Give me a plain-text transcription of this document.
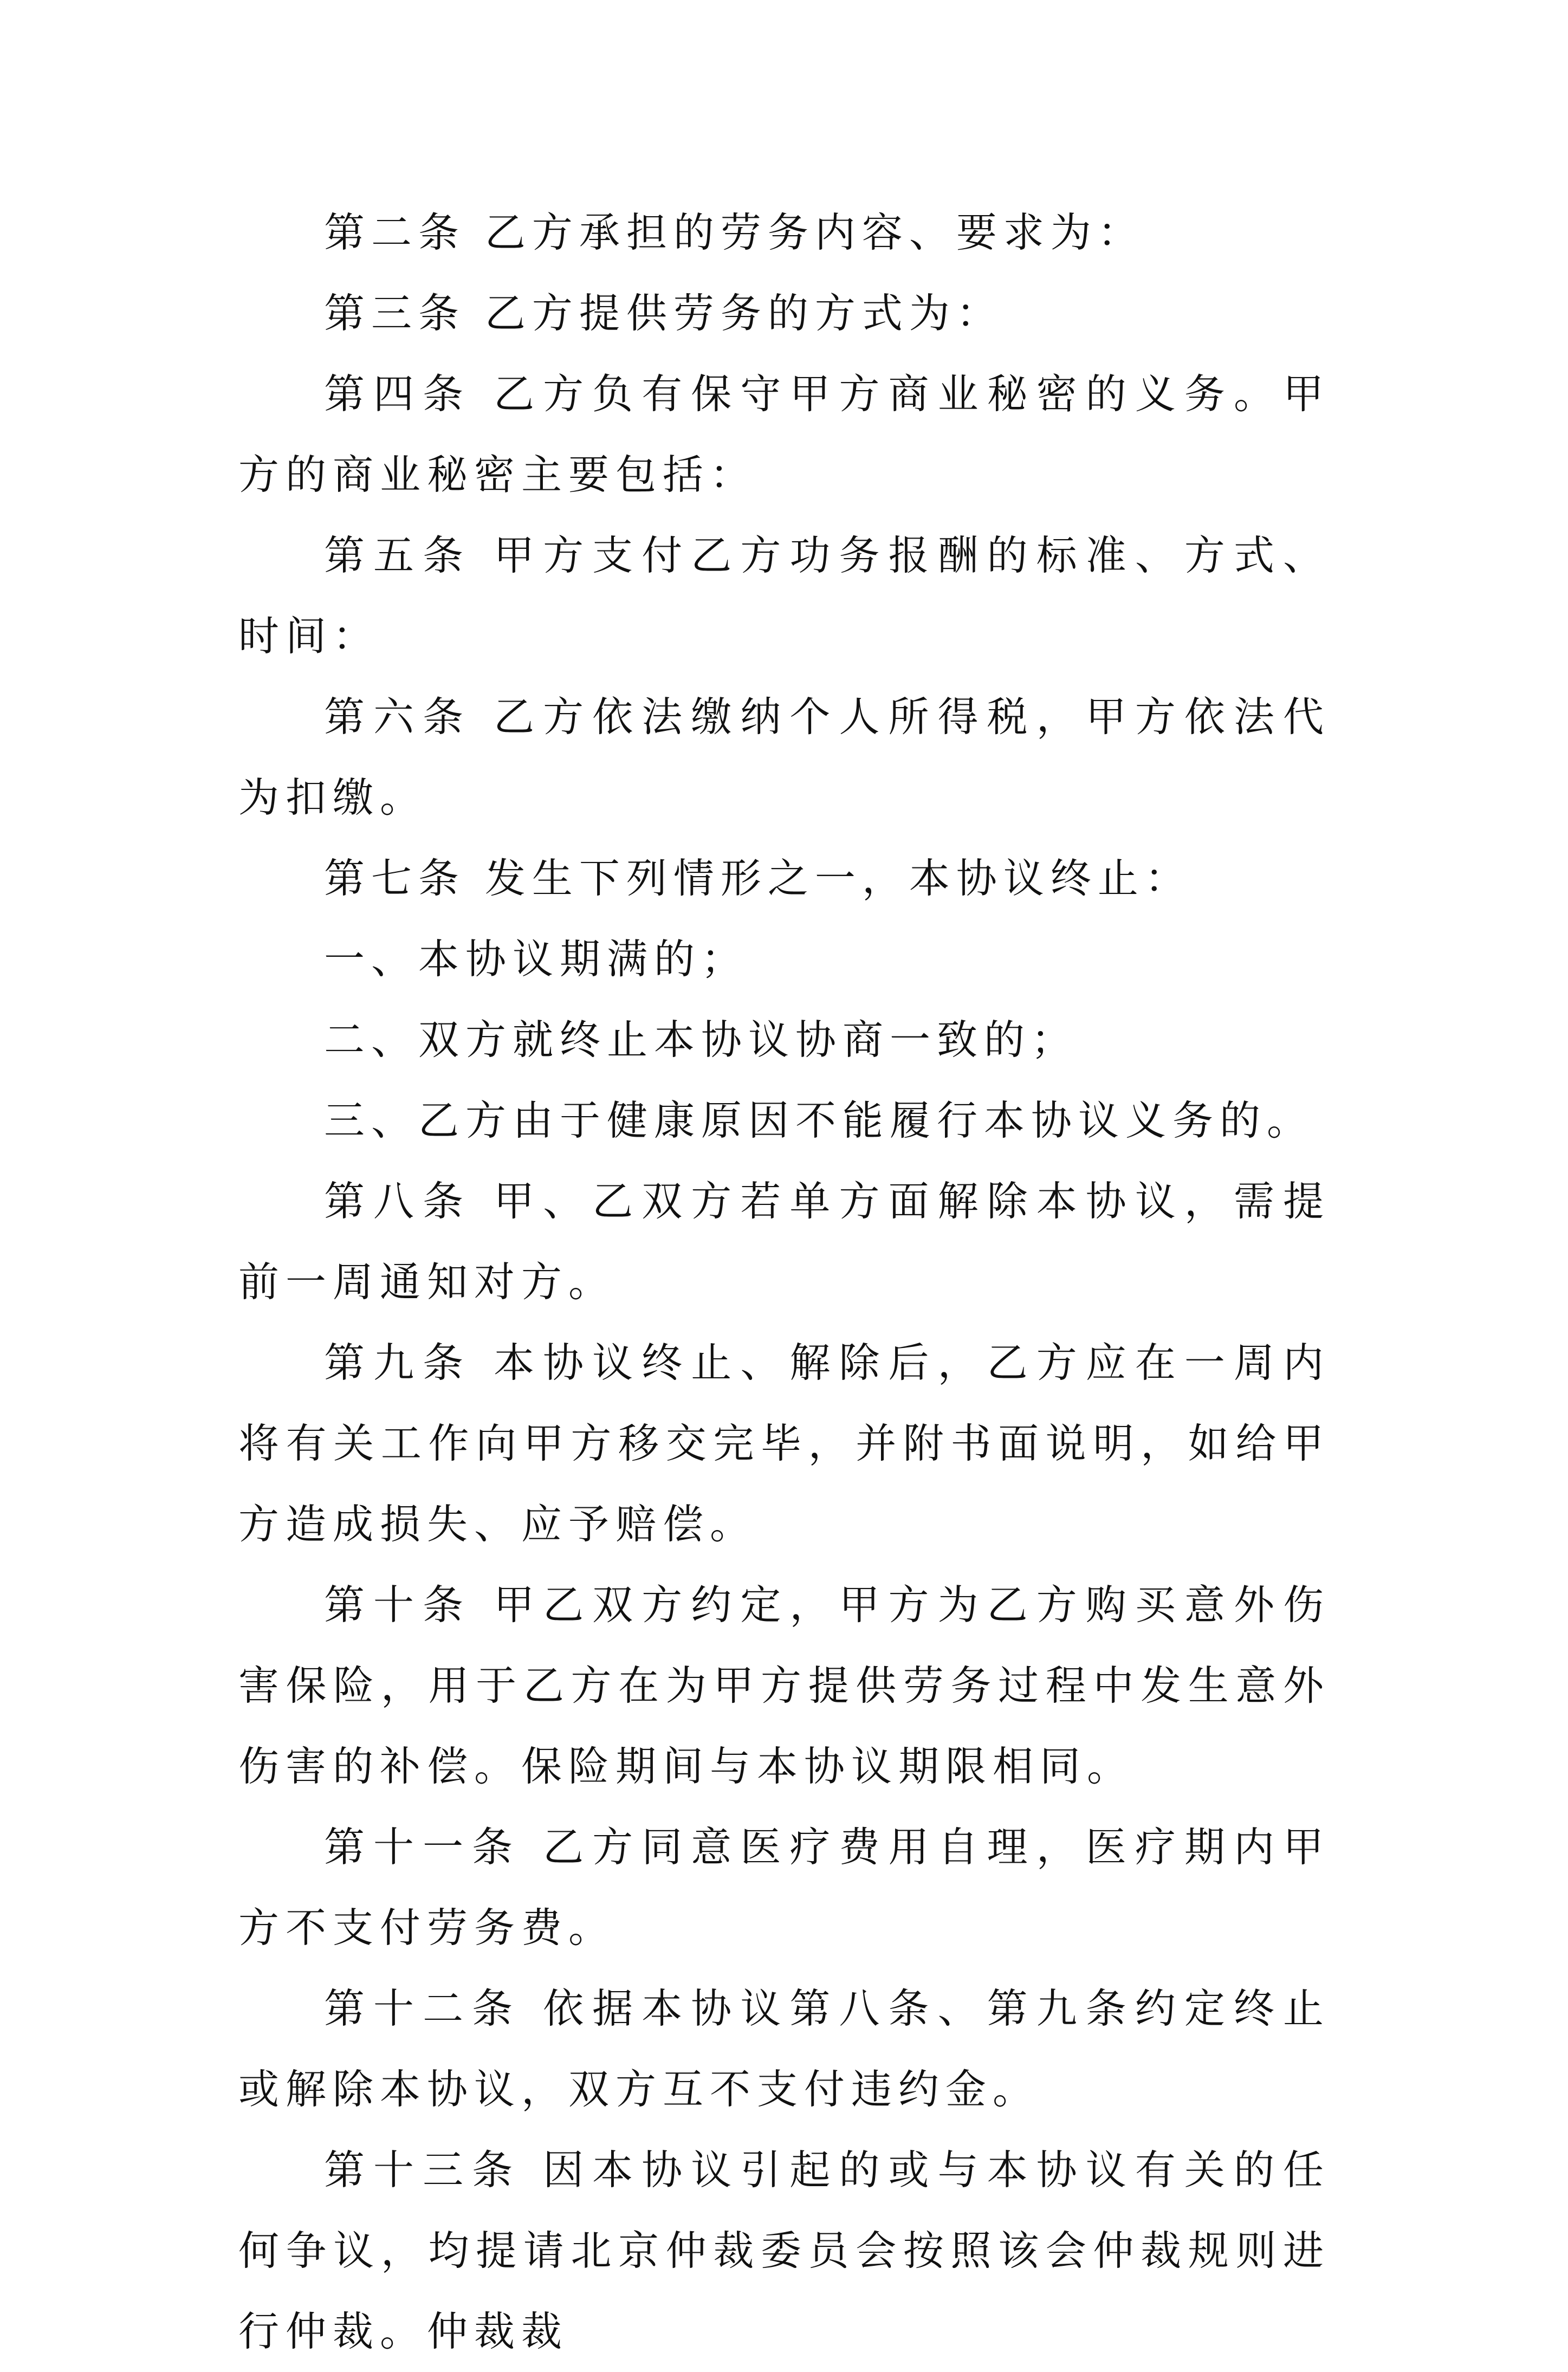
第二条 乙方承担的劳务内容、要求为：

第三条 乙方提供劳务的方式为：

第四条 乙方负有保守甲方商业秘密的义务。甲方的商业秘密主要包括：

第五条 甲方支付乙方功务报酬的标准、方式、时间：

第六条 乙方依法缴纳个人所得税，甲方依法代为扣缴。

第七条 发生下列情形之一，本协议终止：

一、本协议期满的；

二、双方就终止本协议协商一致的；

三、乙方由于健康原因不能履行本协议义务的。

第八条 甲、乙双方若单方面解除本协议，需提前一周通知对方。

第九条 本协议终止、解除后，乙方应在一周内将有关工作向甲方移交完毕，并附书面说明，如给甲方造成损失、应予赔偿。

第十条 甲乙双方约定，甲方为乙方购买意外伤害保险，用于乙方在为甲方提供劳务过程中发生意外伤害的补偿。保险期间与本协议期限相同。

第十一条 乙方同意医疗费用自理，医疗期内甲方不支付劳务费。

第十二条 依据本协议第八条、第九条约定终止或解除本协议，双方互不支付违约金。

第十三条 因本协议引起的或与本协议有关的任何争议，均提请北京仲裁委员会按照该会仲裁规则进行仲裁。仲裁裁
